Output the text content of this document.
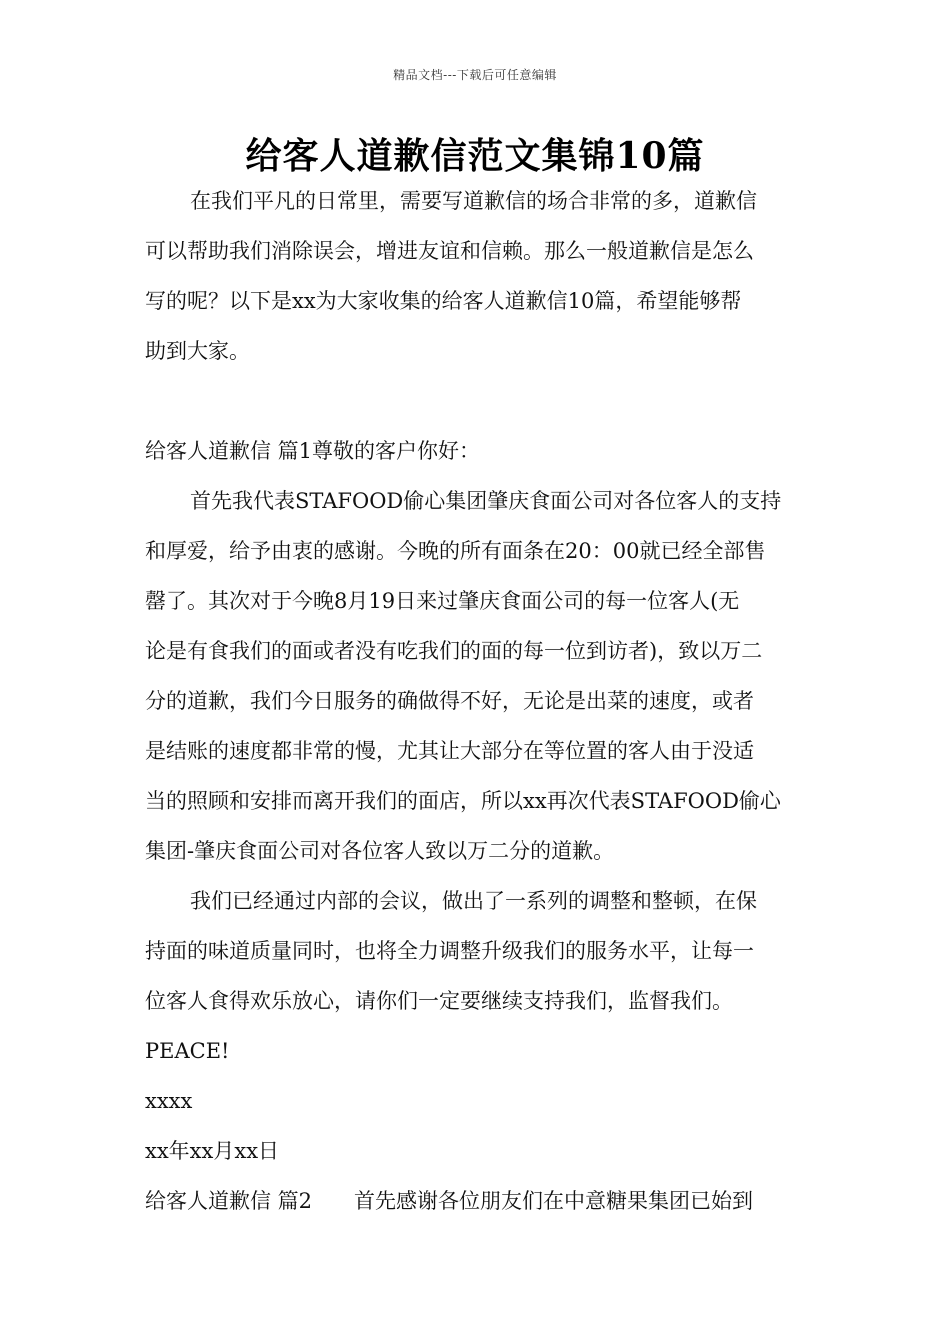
精品文档---下载后可任意编辑
给客人道歉信范文集锦10篇
在我们平凡的日常里，需要写道歉信的场合非常的多，道歉信
可以帮助我们消除误会，增进友谊和信赖。那么一般道歉信是怎么
写的呢？以下是xx为大家收集的给客人道歉信10篇，希望能够帮
助到大家。
给客人道歉信 篇1尊敬的客户你好：
首先我代表STAFOOD偷心集团肇庆食面公司对各位客人的支持
和厚爱，给予由衷的感谢。今晚的所有面条在20：00就已经全部售
罄了。其次对于今晚8月19日来过肇庆食面公司的每一位客人(无
论是有食我们的面或者没有吃我们的面的每一位到访者)，致以万二
分的道歉，我们今日服务的确做得不好，无论是出菜的速度，或者
是结账的速度都非常的慢，尤其让大部分在等位置的客人由于没适
当的照顾和安排而离开我们的面店，所以xx再次代表STAFOOD偷心
集团-肇庆食面公司对各位客人致以万二分的道歉。
我们已经通过内部的会议，做出了一系列的调整和整顿，在保
持面的味道质量同时，也将全力调整升级我们的服务水平，让每一
位客人食得欢乐放心，请你们一定要继续支持我们，监督我们。
PEACE!
xxxx
xx年xx月xx日
给客人道歉信 篇2　　首先感谢各位朋友们在中意糖果集团已始到
